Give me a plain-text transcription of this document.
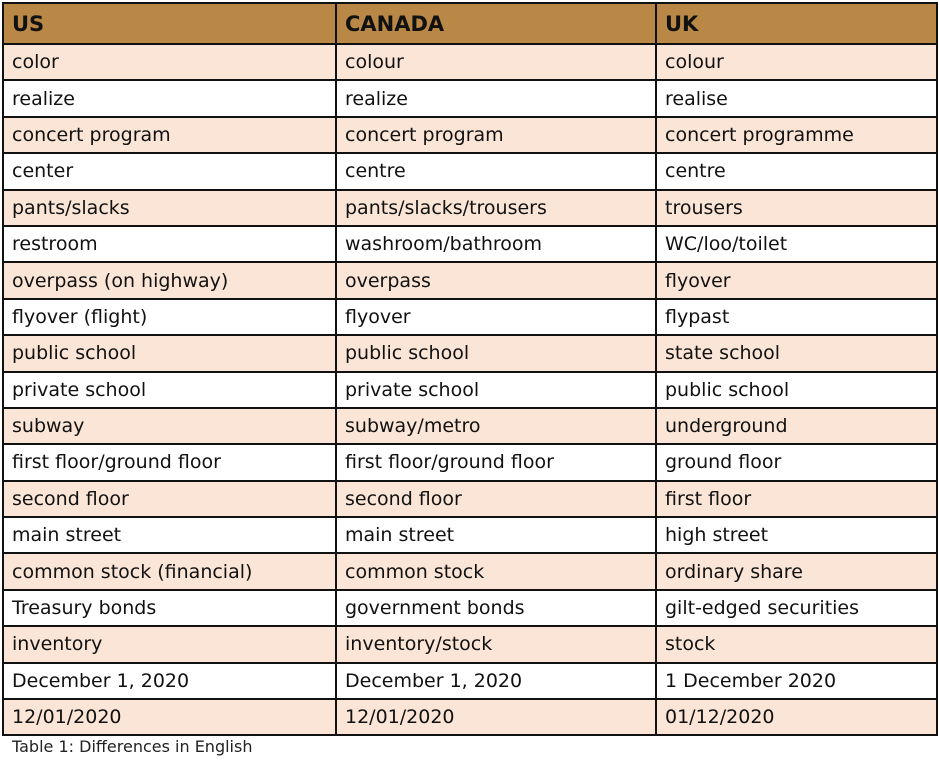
US	CANADA	UK
color	colour	colour
realize	realize	realise
concert program	concert program	concert programme
center	centre	centre
pants/slacks	pants/slacks/trousers	trousers
restroom	washroom/bathroom	WC/loo/toilet
overpass (on highway)	overpass	flyover
flyover (flight)	flyover	flypast
public school	public school	state school
private school	private school	public school
subway	subway/metro	underground
first floor/ground floor	first floor/ground floor	ground floor
second floor	second floor	first floor
main street	main street	high street
common stock (financial)	common stock	ordinary share
Treasury bonds	government bonds	gilt-edged securities
inventory	inventory/stock	stock
December 1, 2020	December 1, 2020	1 December 2020
12/01/2020	12/01/2020	01/12/2020
Table 1: Differences in English
